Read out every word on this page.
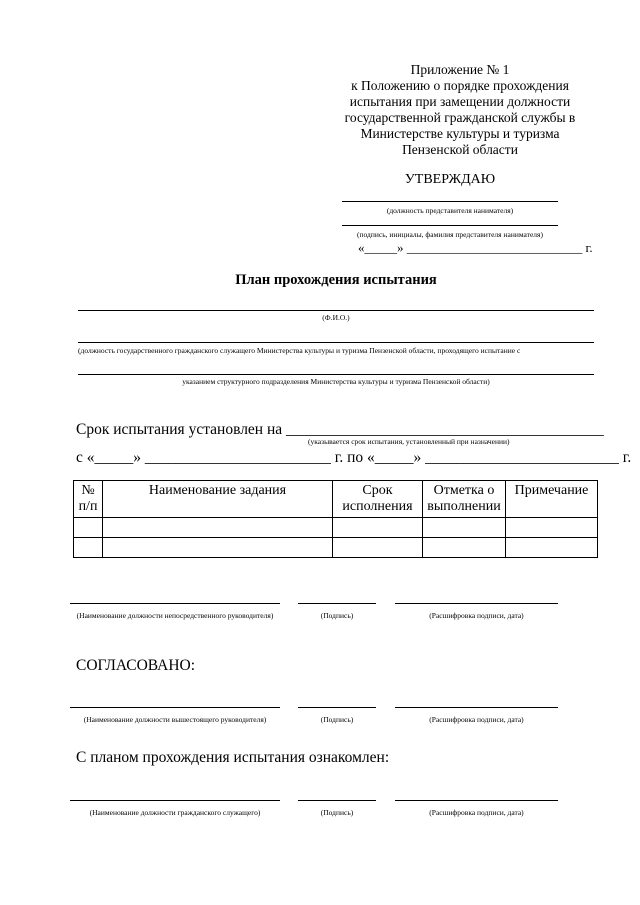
Приложение № 1
к Положению о порядке прохождения
испытания при замещении должности
государственной гражданской службы в
Министерстве культуры и туризма
Пензенской области
УТВЕРЖДАЮ
(должность представителя нанимателя)
(подпись, инициалы, фамилия представителя нанимателя)
«_____» ___________________________ г.
План прохождения испытания
(Ф.И.О.)
(должность государственного гражданского служащего Министерства культуры и туризма Пензенской области, проходящего испытание с
указанием структурного подразделения Министерства культуры и туризма Пензенской области)
Срок испытания установлен на _________________________________________
(указывается срок испытания, установленный при назначении)
с «_____» ________________________ г. по «_____» _________________________ г.
№ п/п	Наименование задания	Срок исполнения	Отметка о выполнении	Примечание

(Наименование должности непосредственного руководителя)	(Подпись)	(Расшифровка подписи, дата)
СОГЛАСОВАНО:
(Наименование должности вышестоящего руководителя)	(Подпись)	(Расшифровка подписи, дата)
С планом прохождения испытания ознакомлен:
(Наименование должности гражданского служащего)	(Подпись)	(Расшифровка подписи, дата)
